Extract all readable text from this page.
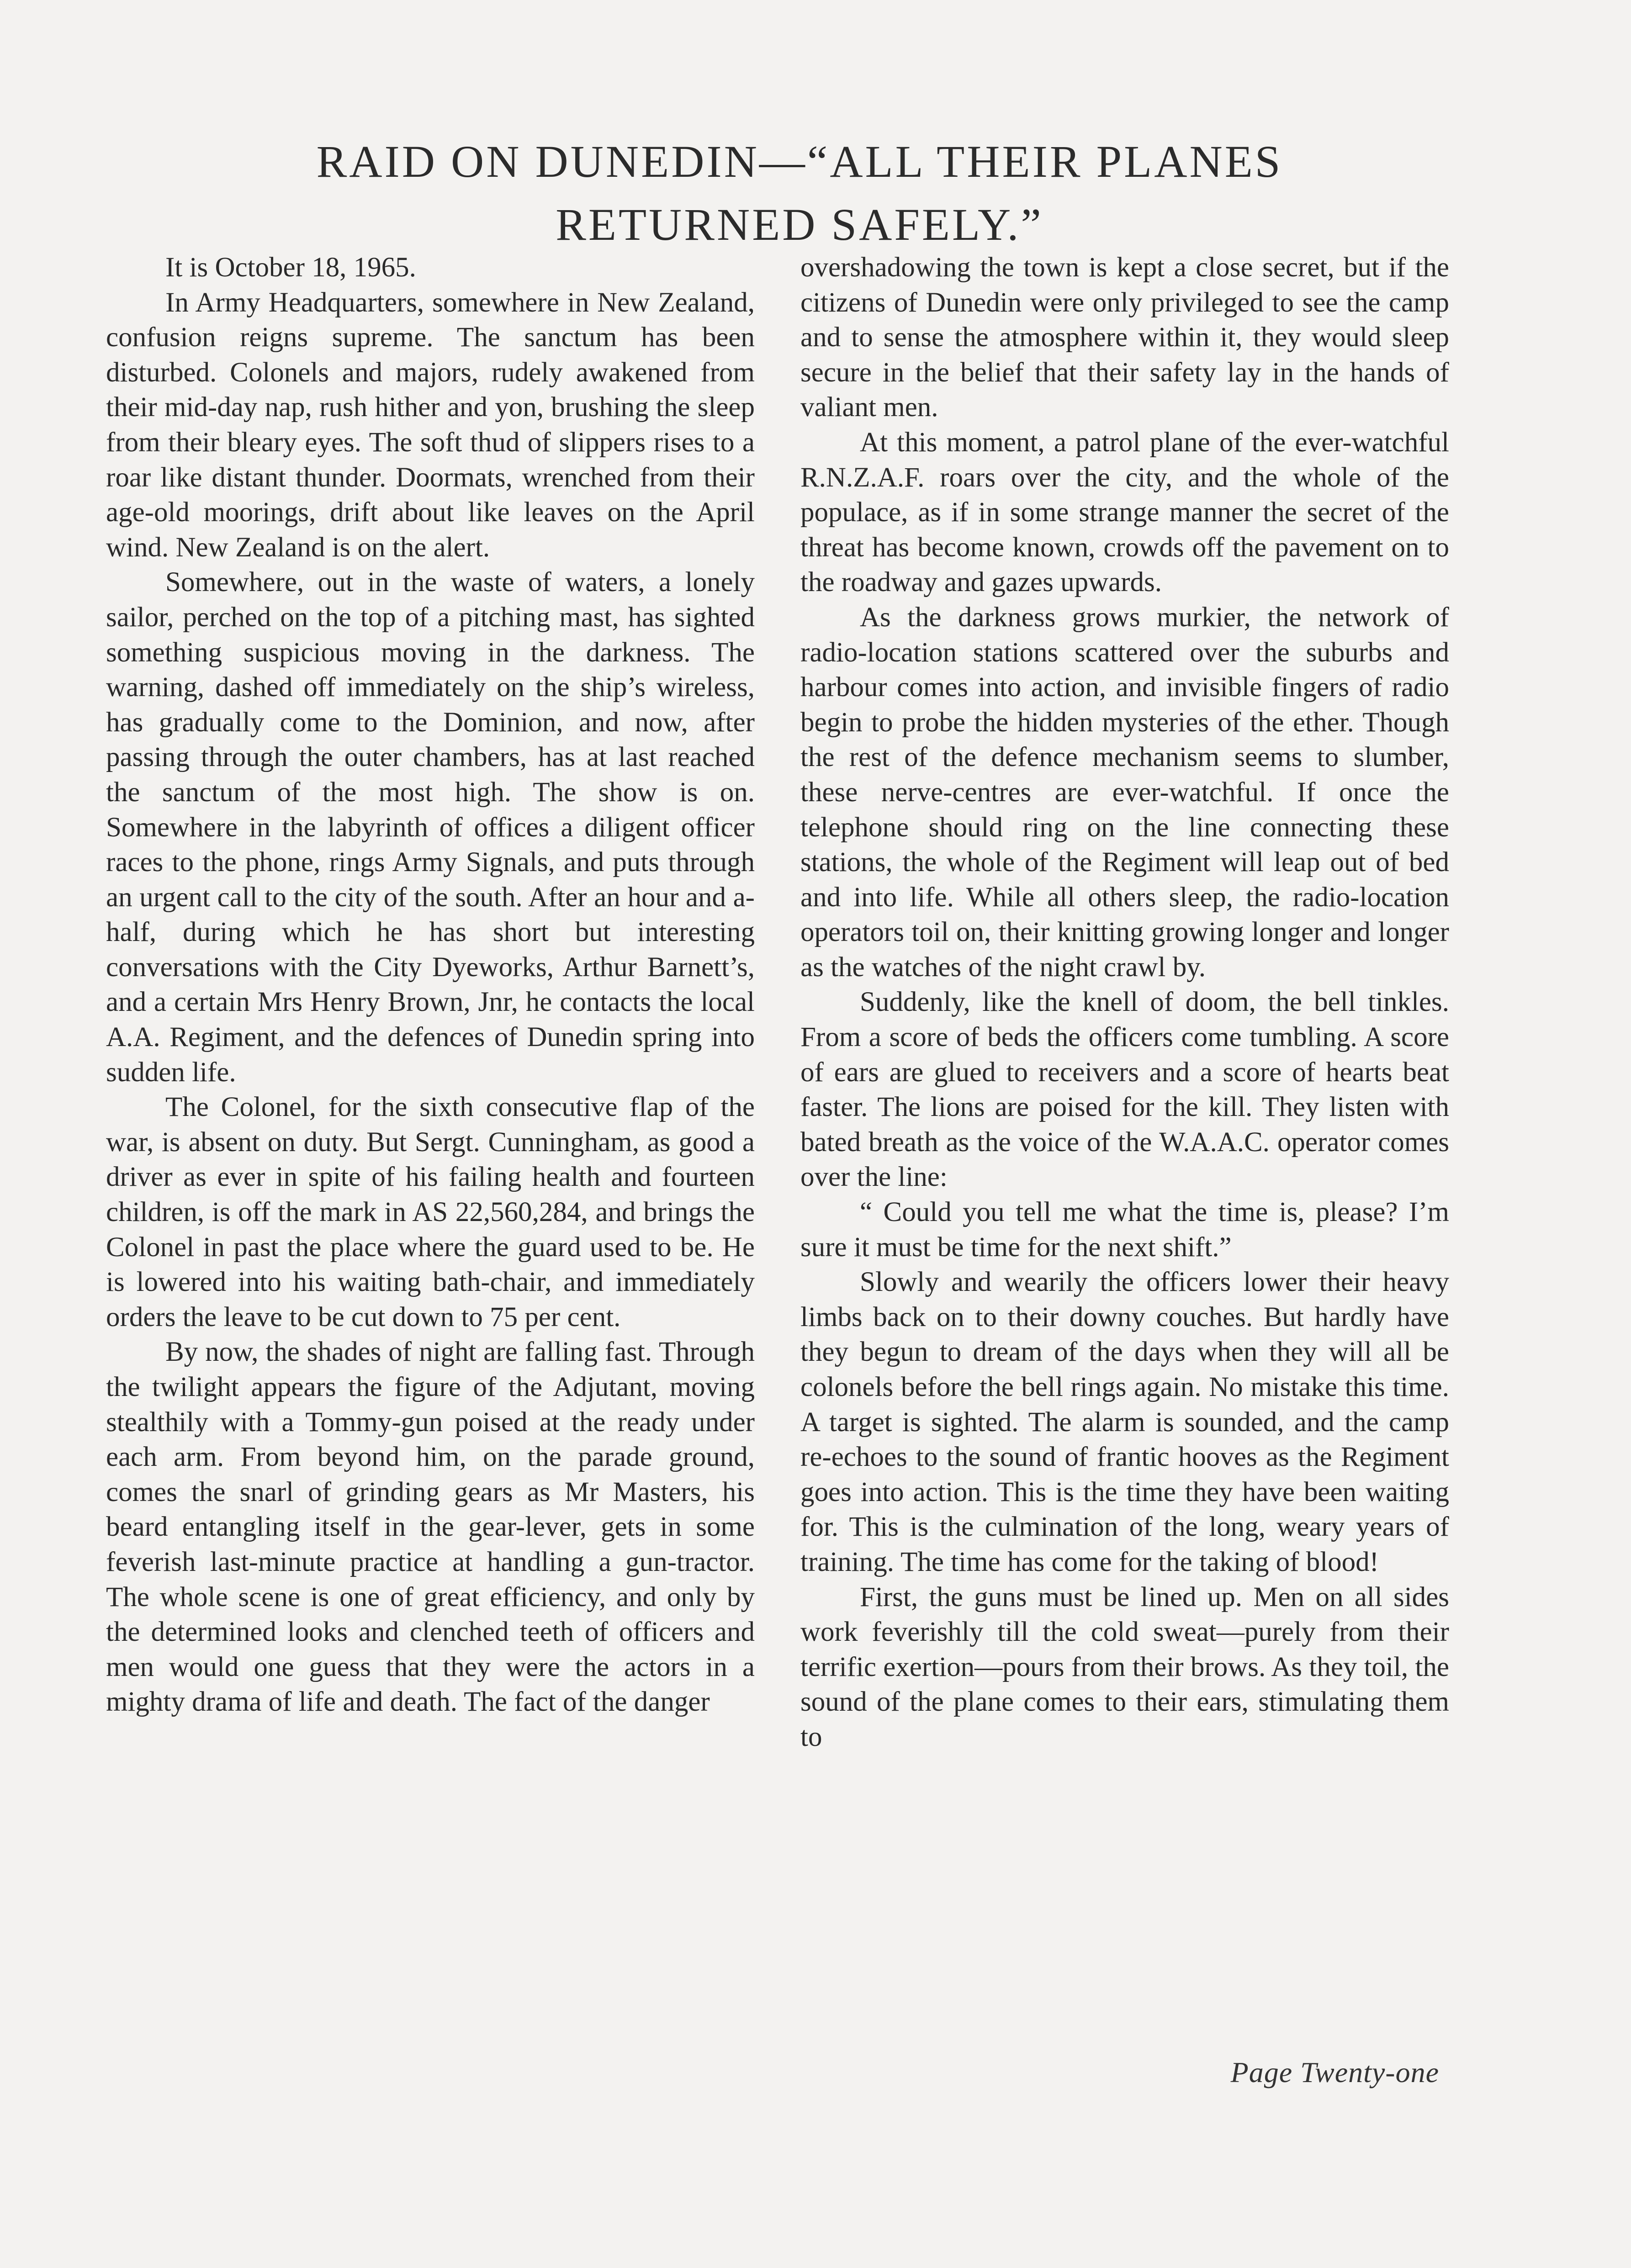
RAID ON DUNEDIN—“ALL THEIR PLANES
RETURNED SAFELY.”

It is October 18, 1965.

In Army Headquarters, somewhere in New Zealand, confusion reigns supreme. The sanctum has been disturbed. Colonels and majors, rudely awakened from their mid-day nap, rush hither and yon, brushing the sleep from their bleary eyes. The soft thud of slippers rises to a roar like distant thunder. Doormats, wrenched from their age-old moorings, drift about like leaves on the April wind. New Zealand is on the alert.

Somewhere, out in the waste of waters, a lonely sailor, perched on the top of a pitching mast, has sighted something suspicious moving in the darkness. The warning, dashed off immediately on the ship’s wireless, has gradually come to the Dominion, and now, after passing through the outer chambers, has at last reached the sanctum of the most high. The show is on. Somewhere in the labyrinth of offices a diligent officer races to the phone, rings Army Signals, and puts through an urgent call to the city of the south. After an hour and a-half, during which he has short but interesting conversations with the City Dyeworks, Arthur Barnett’s, and a certain Mrs Henry Brown, Jnr, he contacts the local A.A. Regiment, and the defences of Dunedin spring into sudden life.

The Colonel, for the sixth consecutive flap of the war, is absent on duty. But Sergt. Cunningham, as good a driver as ever in spite of his failing health and fourteen children, is off the mark in AS 22,560,284, and brings the Colonel in past the place where the guard used to be. He is lowered into his waiting bath-chair, and immediately orders the leave to be cut down to 75 per cent.

By now, the shades of night are falling fast. Through the twilight appears the figure of the Adjutant, moving stealthily with a Tommy-gun poised at the ready under each arm. From beyond him, on the parade ground, comes the snarl of grinding gears as Mr Masters, his beard entangling itself in the gear-lever, gets in some feverish last-minute practice at handling a gun-tractor. The whole scene is one of great efficiency, and only by the determined looks and clenched teeth of officers and men would one guess that they were the actors in a mighty drama of life and death. The fact of the danger

overshadowing the town is kept a close secret, but if the citizens of Dunedin were only privileged to see the camp and to sense the atmosphere within it, they would sleep secure in the belief that their safety lay in the hands of valiant men.

At this moment, a patrol plane of the ever-watchful R.N.Z.A.F. roars over the city, and the whole of the populace, as if in some strange manner the secret of the threat has become known, crowds off the pavement on to the roadway and gazes upwards.

As the darkness grows murkier, the network of radio-location stations scattered over the suburbs and harbour comes into action, and invisible fingers of radio begin to probe the hidden mysteries of the ether. Though the rest of the defence mechanism seems to slumber, these nerve-centres are ever-watchful. If once the telephone should ring on the line connecting these stations, the whole of the Regiment will leap out of bed and into life. While all others sleep, the radio-location operators toil on, their knitting growing longer and longer as the watches of the night crawl by.

Suddenly, like the knell of doom, the bell tinkles. From a score of beds the officers come tumbling. A score of ears are glued to receivers and a score of hearts beat faster. The lions are poised for the kill. They listen with bated breath as the voice of the W.A.A.C. operator comes over the line:

“ Could you tell me what the time is, please? I’m sure it must be time for the next shift.”

Slowly and wearily the officers lower their heavy limbs back on to their downy couches. But hardly have they begun to dream of the days when they will all be colonels before the bell rings again. No mistake this time. A target is sighted. The alarm is sounded, and the camp re-echoes to the sound of frantic hooves as the Regiment goes into action. This is the time they have been waiting for. This is the culmination of the long, weary years of training. The time has come for the taking of blood!

First, the guns must be lined up. Men on all sides work feverishly till the cold sweat—purely from their terrific exertion—pours from their brows. As they toil, the sound of the plane comes to their ears, stimulating them to

Page Twenty-one
